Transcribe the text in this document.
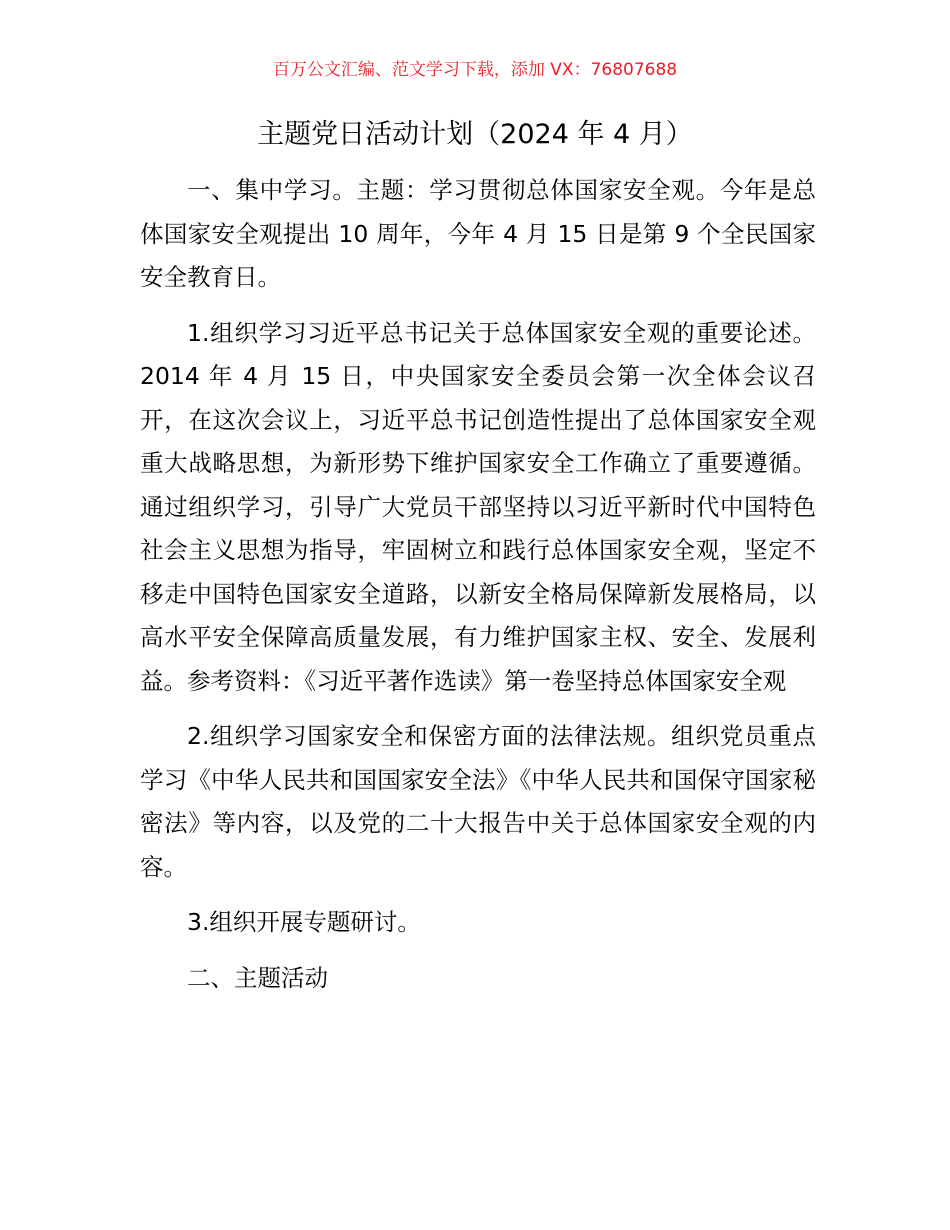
百万公文汇编、范文学习下载，添加 VX：76807688
主题党日活动计划（2024 年 4 月）

一、集中学习。主题：学习贯彻总体国家安全观。今年是总体国家安全观提出 10 周年，今年 4 月 15 日是第 9 个全民国家安全教育日。

1.组织学习习近平总书记关于总体国家安全观的重要论述。2014 年 4 月 15 日，中央国家安全委员会第一次全体会议召开，在这次会议上，习近平总书记创造性提出了总体国家安全观重大战略思想，为新形势下维护国家安全工作确立了重要遵循。通过组织学习，引导广大党员干部坚持以习近平新时代中国特色社会主义思想为指导，牢固树立和践行总体国家安全观，坚定不移走中国特色国家安全道路，以新安全格局保障新发展格局，以高水平安全保障高质量发展，有力维护国家主权、安全、发展利益。参考资料：《习近平著作选读》第一卷坚持总体国家安全观

2.组织学习国家安全和保密方面的法律法规。组织党员重点学习《中华人民共和国国家安全法》《中华人民共和国保守国家秘密法》等内容，以及党的二十大报告中关于总体国家安全观的内容。

3.组织开展专题研讨。

二、主题活动
